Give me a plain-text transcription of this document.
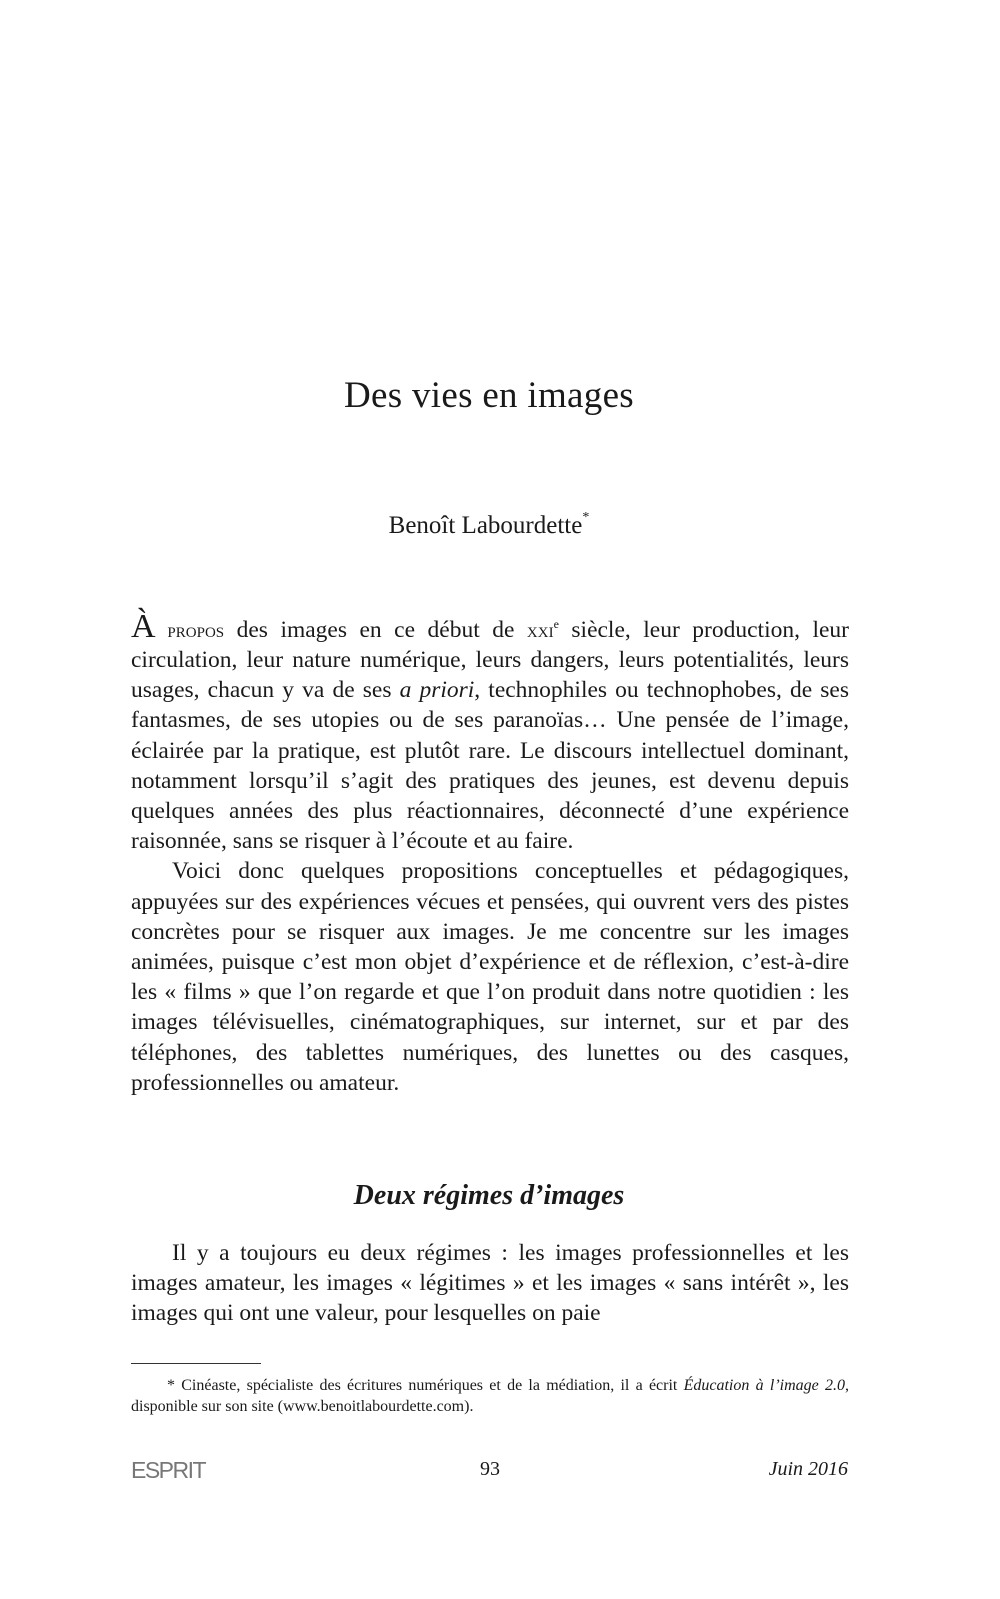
Des vies en images

Benoît Labourdette*

À propos des images en ce début de xxi$^e$ siècle, leur production, leur circulation, leur nature numérique, leurs dangers, leurs potentialités, leurs usages, chacun y va de ses a priori, technophiles ou technophobes, de ses fantasmes, de ses utopies ou de ses paranoïas… Une pensée de l’image, éclairée par la pratique, est plutôt rare. Le discours intellectuel dominant, notamment lorsqu’il s’agit des pratiques des jeunes, est devenu depuis quelques années des plus réactionnaires, déconnecté d’une expérience raisonnée, sans se risquer à l’écoute et au faire.

Voici donc quelques propositions conceptuelles et pédagogiques, appuyées sur des expériences vécues et pensées, qui ouvrent vers des pistes concrètes pour se risquer aux images. Je me concentre sur les images animées, puisque c’est mon objet d’expérience et de réflexion, c’est-à-dire les « films » que l’on regarde et que l’on produit dans notre quotidien : les images télévisuelles, cinématographiques, sur internet, sur et par des téléphones, des tablettes numériques, des lunettes ou des casques, professionnelles ou amateur.

Deux régimes d’images

Il y a toujours eu deux régimes : les images professionnelles et les images amateur, les images « légitimes » et les images « sans intérêt », les images qui ont une valeur, pour lesquelles on paie

* Cinéaste, spécialiste des écritures numériques et de la médiation, il a écrit Éducation à l’image 2.0, disponible sur son site (www.benoitlabourdette.com).

ESPRIT	93	Juin 2016
